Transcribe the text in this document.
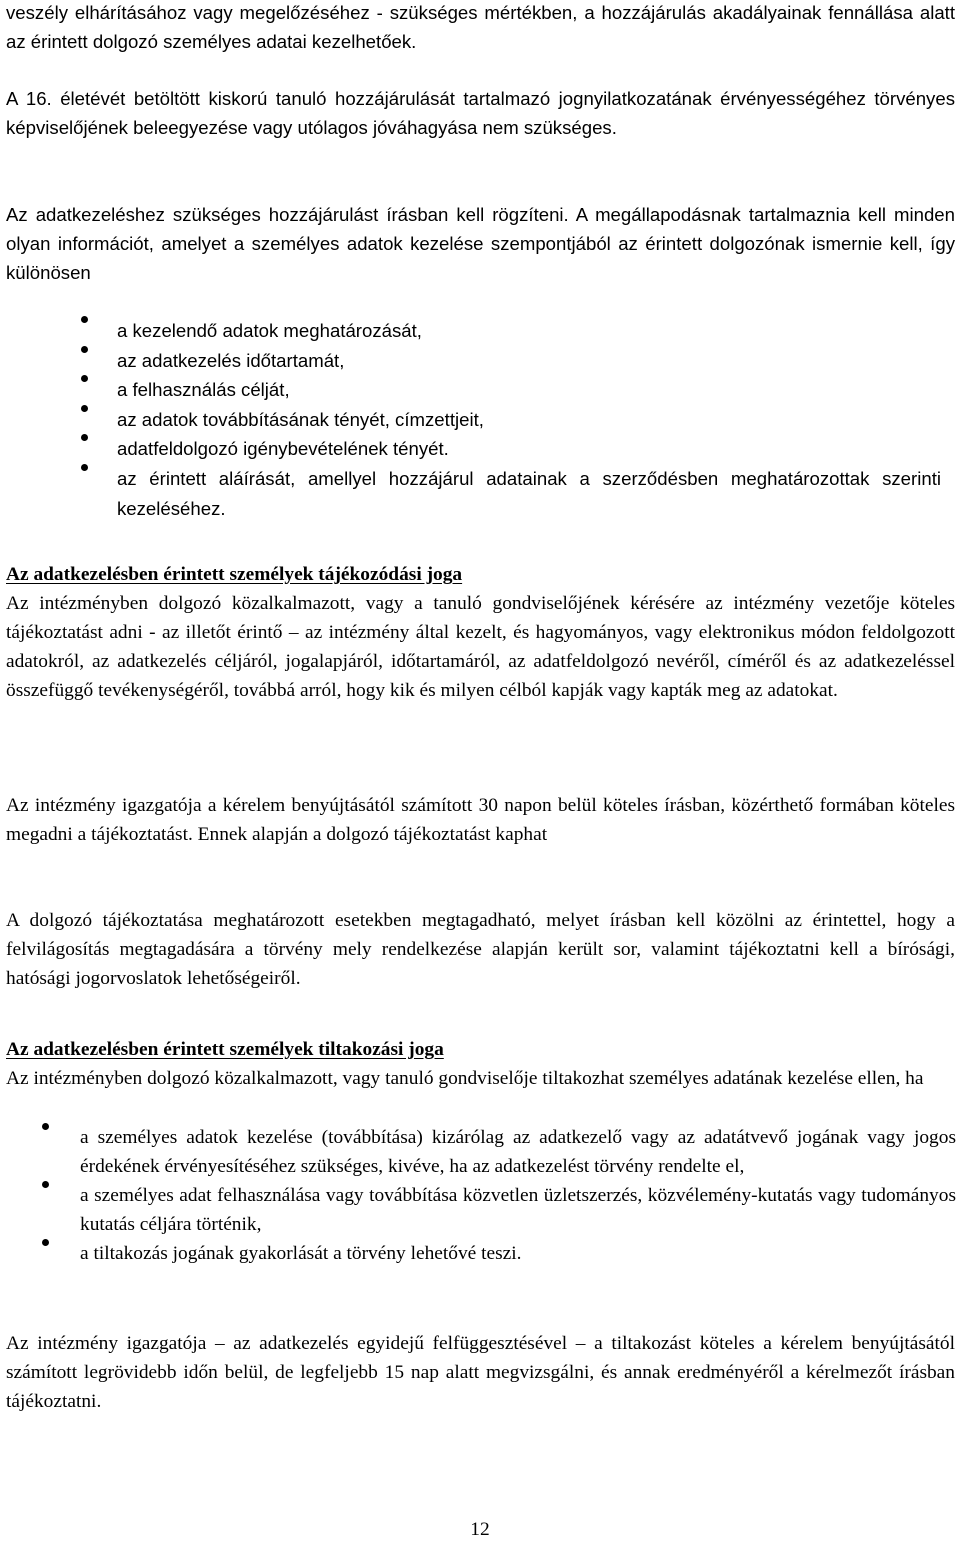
veszély elhárításához vagy megelőzéséhez - szükséges mértékben, a hozzájárulás akadályainak fennállása alatt az érintett dolgozó személyes adatai kezelhetőek.

A 16. életévét betöltött kiskorú tanuló hozzájárulását tartalmazó jognyilatkozatának érvényességéhez törvényes képviselőjének beleegyezése vagy utólagos jóváhagyása nem szükséges.

Az adatkezeléshez szükséges hozzájárulást írásban kell rögzíteni. A megállapodásnak tartalmaznia kell minden olyan információt, amelyet a személyes adatok kezelése szempontjából az érintett dolgozónak ismernie kell, így különösen

a kezelendő adatok meghatározását,
az adatkezelés időtartamát,
a felhasználás célját,
az adatok továbbításának tényét, címzettjeit,
adatfeldolgozó igénybevételének tényét.
az érintett aláírását, amellyel hozzájárul adatainak a szerződésben meghatározottak szerinti kezeléséhez.
Az adatkezelésben érintett személyek tájékozódási joga

Az intézményben dolgozó közalkalmazott, vagy a tanuló gondviselőjének kérésére az intézmény vezetője köteles tájékoztatást adni - az illetőt érintő – az intézmény által kezelt, és hagyományos, vagy elektronikus módon feldolgozott adatokról, az adatkezelés céljáról, jogalapjáról, időtartamáról, az adatfeldolgozó nevéről, címéről és az adatkezeléssel összefüggő tevékenységéről, továbbá arról, hogy kik és milyen célból kapják vagy kapták meg az adatokat.

Az intézmény igazgatója a kérelem benyújtásától számított 30 napon belül köteles írásban, közérthető formában köteles megadni a tájékoztatást. Ennek alapján a dolgozó tájékoztatást kaphat

A dolgozó tájékoztatása meghatározott esetekben megtagadható, melyet írásban kell közölni az érintettel, hogy a felvilágosítás megtagadására a törvény mely rendelkezése alapján került sor, valamint tájékoztatni kell a bírósági, hatósági jogorvoslatok lehetőségeiről.

Az adatkezelésben érintett személyek tiltakozási joga

Az intézményben dolgozó közalkalmazott, vagy tanuló gondviselője tiltakozhat személyes adatának kezelése ellen, ha

a személyes adatok kezelése (továbbítása) kizárólag az adatkezelő vagy az adatátvevő jogának vagy jogos érdekének érvényesítéséhez szükséges, kivéve, ha az adatkezelést törvény rendelte el,
a személyes adat felhasználása vagy továbbítása közvetlen üzletszerzés, közvélemény-kutatás vagy tudományos kutatás céljára történik,
a tiltakozás jogának gyakorlását a törvény lehetővé teszi.

Az intézmény igazgatója – az adatkezelés egyidejű felfüggesztésével – a tiltakozást köteles a kérelem benyújtásától számított legrövidebb időn belül, de legfeljebb 15 nap alatt megvizsgálni, és annak eredményéről a kérelmezőt írásban tájékoztatni.

12
